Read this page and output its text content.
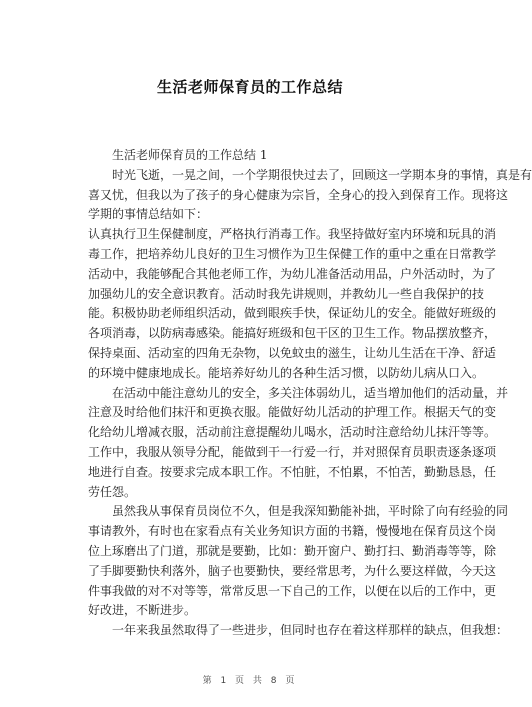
生活老师保育员的工作总结
　　生活老师保育员的工作总结 1
　　时光飞逝，一晃之间，一个学期很快过去了，回顾这一学期本身的事情，真是有
喜又忧，但我以为了孩子的身心健康为宗旨，全身心的投入到保育工作。现将这
学期的事情总结如下：
认真执行卫生保健制度，严格执行消毒工作。我坚持做好室内环境和玩具的消
毒工作，把培养幼儿良好的卫生习惯作为卫生保健工作的重中之重在日常教学
活动中，我能够配合其他老师工作，为幼儿准备活动用品，户外活动时，为了
加强幼儿的安全意识教育。活动时我先讲规则，并教幼儿一些自我保护的技
能。积极协助老师组织活动，做到眼疾手快，保证幼儿的安全。能做好班级的
各项消毒，以防病毒感染。能搞好班级和包干区的卫生工作。物品摆放整齐，
保持桌面、活动室的四角无杂物，以免蚊虫的滋生，让幼儿生活在干净、舒适
的环境中健康地成长。能培养好幼儿的各种生活习惯，以防幼儿病从口入。
　　在活动中能注意幼儿的安全，多关注体弱幼儿，适当增加他们的活动量，并
注意及时给他们抹汗和更换衣服。能做好幼儿活动的护理工作。根据天气的变
化给幼儿增减衣服，活动前注意提醒幼儿喝水，活动时注意给幼儿抹汗等等。
工作中，我服从领导分配，能做到干一行爱一行，并对照保育员职责逐条逐项
地进行自查。按要求完成本职工作。不怕脏，不怕累，不怕苦，勤勤恳恳，任
劳任怨。
　　虽然我从事保育员岗位不久，但是我深知勤能补拙，平时除了向有经验的同
事请教外，有时也在家看点有关业务知识方面的书籍，慢慢地在保育员这个岗
位上琢磨出了门道，那就是要勤，比如：勤开窗户、勤打扫、勤消毒等等，除
了手脚要勤快利落外，脑子也要勤快，要经常思考，为什么要这样做，今天这
件事我做的对不对等等，常常反思一下自己的工作，以便在以后的工作中，更
好改进，不断进步。
　　一年来我虽然取得了一些进步，但同时也存在着这样那样的缺点，但我想：
第 1 页 共 8 页
